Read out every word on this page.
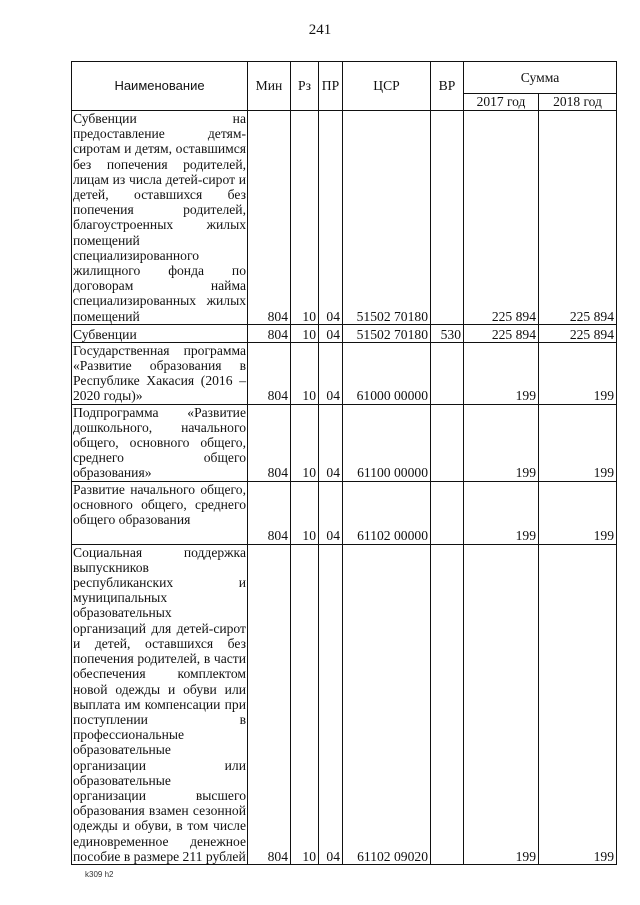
241
Наименование	Мин	Рз	ПР	ЦСР	ВР	Сумма	
						2017 год	2018 год
Субвенции на предоставление детям-сиротам и детям, оставшимся без попечения родителей, лицам из числа детей-сирот и детей, оставшихся без попечения родителей, благоустроенных жилых помещений специализированного жилищного фонда по договорам найма специализированных жилых помещений	804	10	04	51502 70180		225 894	225 894
Субвенции	804	10	04	51502 70180	530	225 894	225 894
Государственная программа «Развитие образования в Республике Хакасия (2016 – 2020 годы)»	804	10	04	61000 00000		199	199
Подпрограмма «Развитие дошкольного, начального общего, основного общего, среднего общего образования»	804	10	04	61100 00000		199	199
Развитие начального общего, основного общего, среднего общего образования	804	10	04	61102 00000		199	199
Социальная поддержка выпускников республиканских и муниципальных образовательных организаций для детей-сирот и детей, оставшихся без попечения родителей, в части обеспечения комплектом новой одежды и обуви или выплата им компенсации при поступлении в профессиональные образовательные организации или образовательные организации высшего образования взамен сезонной одежды и обуви, в том числе единовременное денежное пособие в размере 211 рублей	804	10	04	61102 09020		199	199
k309 h2
